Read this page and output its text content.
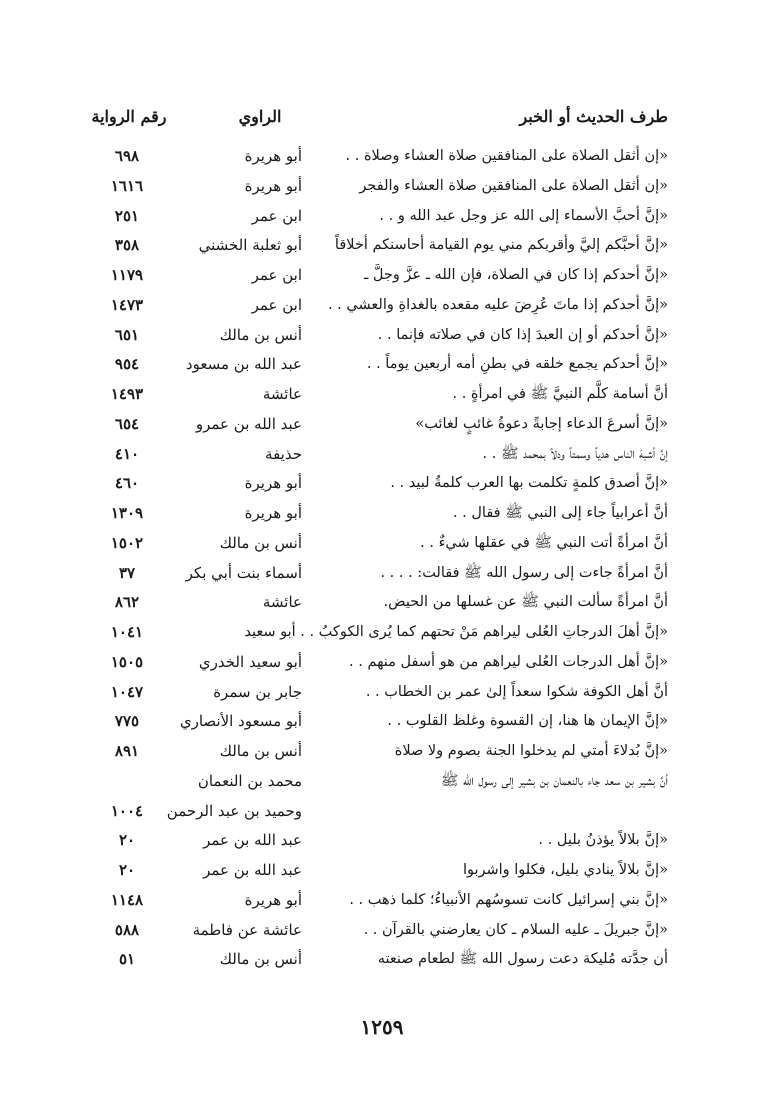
طرف الحديث أو الخبر
الراوي
رقم الرواية
«إن أثقل الصلاة على المنافقين صلاة العشاء وصلاة . .
أبو هريرة
٦٩٨
«إن أثقل الصلاة على المنافقين صلاة العشاء والفجر
أبو هريرة
١٦١٦
«إنَّ أحبَّ الأسماء إلى الله عز وجل عبد الله و . .
ابن عمر
٢٥١
«إنَّ أحبَّكم إليَّ وأقربكم مني يوم القيامة أحاسنكم أخلاقاً
أبو ثعلبة الخشني
٣٥٨
«إنَّ أحدكم إذا كان في الصلاة، فإن الله ـ عزَّ وجلَّ ـ
ابن عمر
١١٧٩
«إنَّ أحدكم إذا ماتَ عُرِضَ عليه مقعده بالغداةِ والعشي . .
ابن عمر
١٤٧٣
«إنَّ أحدكم أو إن العبدَ إذا كان في صلاته فإنما . .
أنس بن مالك
٦٥١
«إنَّ أحدكم يجمع خلقه في بطنِ أمه أربعين يوماً . .
عبد الله بن مسعود
٩٥٤
أنَّ أسامة كلَّم النبيَّ ﷺ في امرأةٍ . .
عائشة
١٤٩٣
«إنَّ أسرعَ الدعاء إجابةً دعوةُ غائبٍ لغائب»
عبد الله بن عمرو
٦٥٤
إنَّ أشبهَ الناس هدياً وسمتاً ودلاً بمحمد ﷺ . .
حذيفة
٤١٠
«إنَّ أصدق كلمةٍ تكلمت بها العرب كلمةُ لبيد . .
أبو هريرة
٤٦٠
أنَّ أعرابياً جاء إلى النبي ﷺ فقال . .
أبو هريرة
١٣٠٩
أنَّ امرأةً أتت النبي ﷺ في عقلها شيءٌ . .
أنس بن مالك
١٥٠٢
أنَّ امرأةً جاءت إلى رسول الله ﷺ فقالت: . . . .
أسماء بنت أبي بكر
٣٧
أنَّ امرأةً سألت النبي ﷺ عن غسلها من الحيض.
عائشة
٨٦٢
«إنَّ أهلَ الدرجاتِ العُلى ليراهم مَنْ تحتهم كما يُرى الكوكبُ . . أبو سعيد
١٠٤١
«إنَّ أهل الدرجات العُلى ليراهم من هو أسفل منهم . .
أبو سعيد الخدري
١٥٠٥
أنَّ أهل الكوفة شكوا سعداً إلىٰ عمر بن الخطاب . .
جابر بن سمرة
١٠٤٧
«إنَّ الإيمان ها هنا، إن القسوة وغلظ القلوب . .
أبو مسعود الأنصاري
٧٧٥
«إنَّ بُدلاءَ أمتي لم يدخلوا الجنة بصوم ولا صلاة
أنس بن مالك
٨٩١
أنَّ بشير بن سعد جاء بالنعمان بن بشير إلى رسول الله ﷺ
محمد بن النعمان
وحميد بن عبد الرحمن
١٠٠٤
«إنَّ بلالاً يؤذنُ بليل . .
عبد الله بن عمر
٢٠
«إنَّ بلالاً ينادي بليل، فكلوا واشربوا
عبد الله بن عمر
٢٠
«إنَّ بني إسرائيل كانت تسوسُهم الأنبياءُ؛ كلما ذهب . .
أبو هريرة
١١٤٨
«إنَّ جبريلَ ـ عليه السلام ـ كان يعارضني بالقرآن . .
عائشة عن فاطمة
٥٨٨
أن جدَّته مُليكة دعت رسول الله ﷺ لطعام صنعته
أنس بن مالك
٥١
١٢٥٩
